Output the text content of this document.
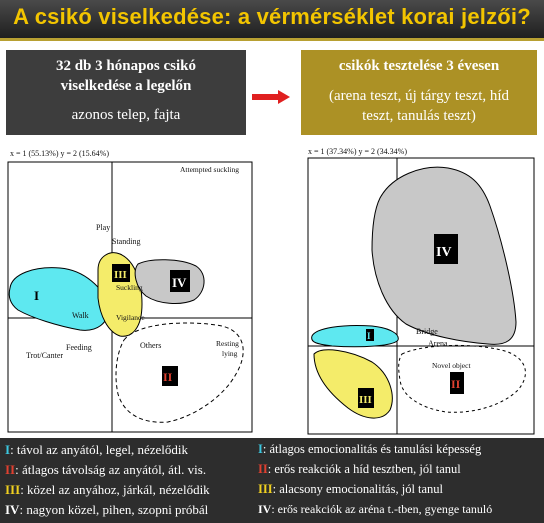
A csikó viselkedése: a vérmérséklet korai jelzői?
32 db 3 hónapos csikó
viselkedése a legelőn
azonos telep, fajta
csikók tesztelése 3 évesen
(arena teszt, új tárgy teszt, híd
teszt, tanulás teszt)
x = 1 (55.13%) y = 2 (15.64%)
I
III	IV
II
Attempted suckling
Play
Standing
Suckling
Vigilance
Walk
Feeding
Trot/Canter
Others	Resting
lying
x = 1 (37.34%) y = 2 (34.34%)
IV
I
III
II
Bridge
Arena
Novel object
I: távol az anyától, legel, nézelődik
II: átlagos távolság az anyától, átl. vis.
III: közel az anyához, járkál, nézelődik
IV: nagyon közel, pihen, szopni próbál
I: átlagos emocionalitás és tanulási képesség
II: erős reakciók a híd tesztben, jól tanul
III: alacsony emocionalitás, jól tanul
IV: erős reakciók az aréna t.-tben, gyenge tanuló
